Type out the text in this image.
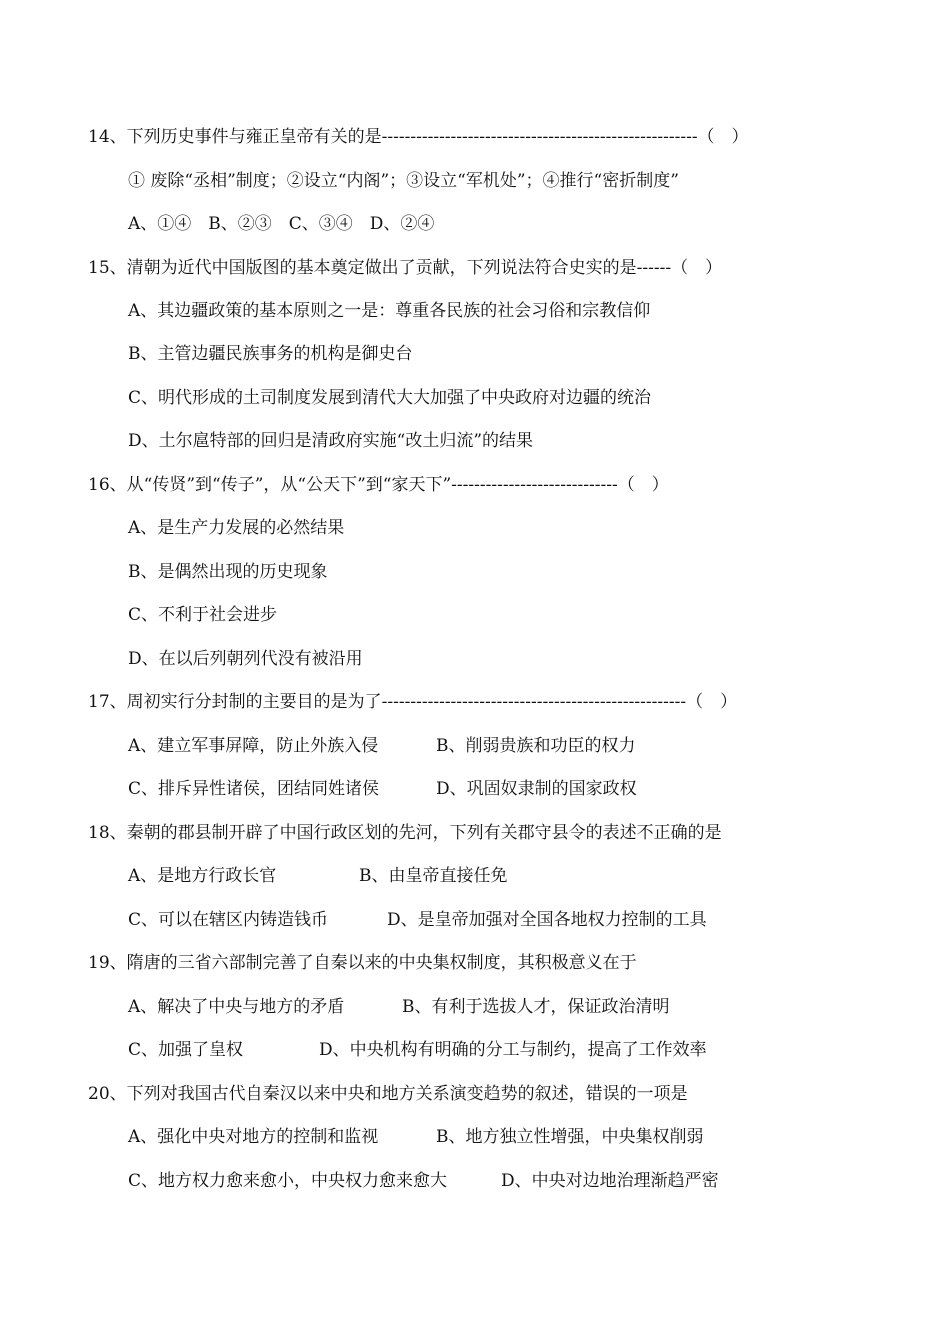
14、下列历史事件与雍正皇帝有关的是-------------------------------------------------------（　）
① 废除“丞相”制度；②设立“内阁”；③设立“军机处”；④推行“密折制度”
A、①④　B、②③　C、③④　D、②④
15、清朝为近代中国版图的基本奠定做出了贡献，下列说法符合史实的是------（　）
A、其边疆政策的基本原则之一是：尊重各民族的社会习俗和宗教信仰
B、主管边疆民族事务的机构是御史台
C、明代形成的土司制度发展到清代大大加强了中央政府对边疆的统治
D、土尔扈特部的回归是清政府实施“改土归流”的结果
16、从“传贤”到“传子”，从“公天下”到“家天下”-----------------------------（　）
A、是生产力发展的必然结果
B、是偶然出现的历史现象
C、不利于社会进步
D、在以后列朝列代没有被沿用
17、周初实行分封制的主要目的是为了-----------------------------------------------------（　）
A、建立军事屏障，防止外族入侵	B、削弱贵族和功臣的权力
C、排斥异性诸侯，团结同姓诸侯	D、巩固奴隶制的国家政权
18、秦朝的郡县制开辟了中国行政区划的先河，下列有关郡守县令的表述不正确的是
A、是地方行政长官	B、由皇帝直接任免
C、可以在辖区内铸造钱币	D、是皇帝加强对全国各地权力控制的工具
19、隋唐的三省六部制完善了自秦以来的中央集权制度，其积极意义在于
A、解决了中央与地方的矛盾	B、有利于选拔人才，保证政治清明
C、加强了皇权	D、中央机构有明确的分工与制约，提高了工作效率
20、下列对我国古代自秦汉以来中央和地方关系演变趋势的叙述，错误的一项是
A、强化中央对地方的控制和监视	B、地方独立性增强，中央集权削弱
C、地方权力愈来愈小，中央权力愈来愈大	D、中央对边地治理渐趋严密
